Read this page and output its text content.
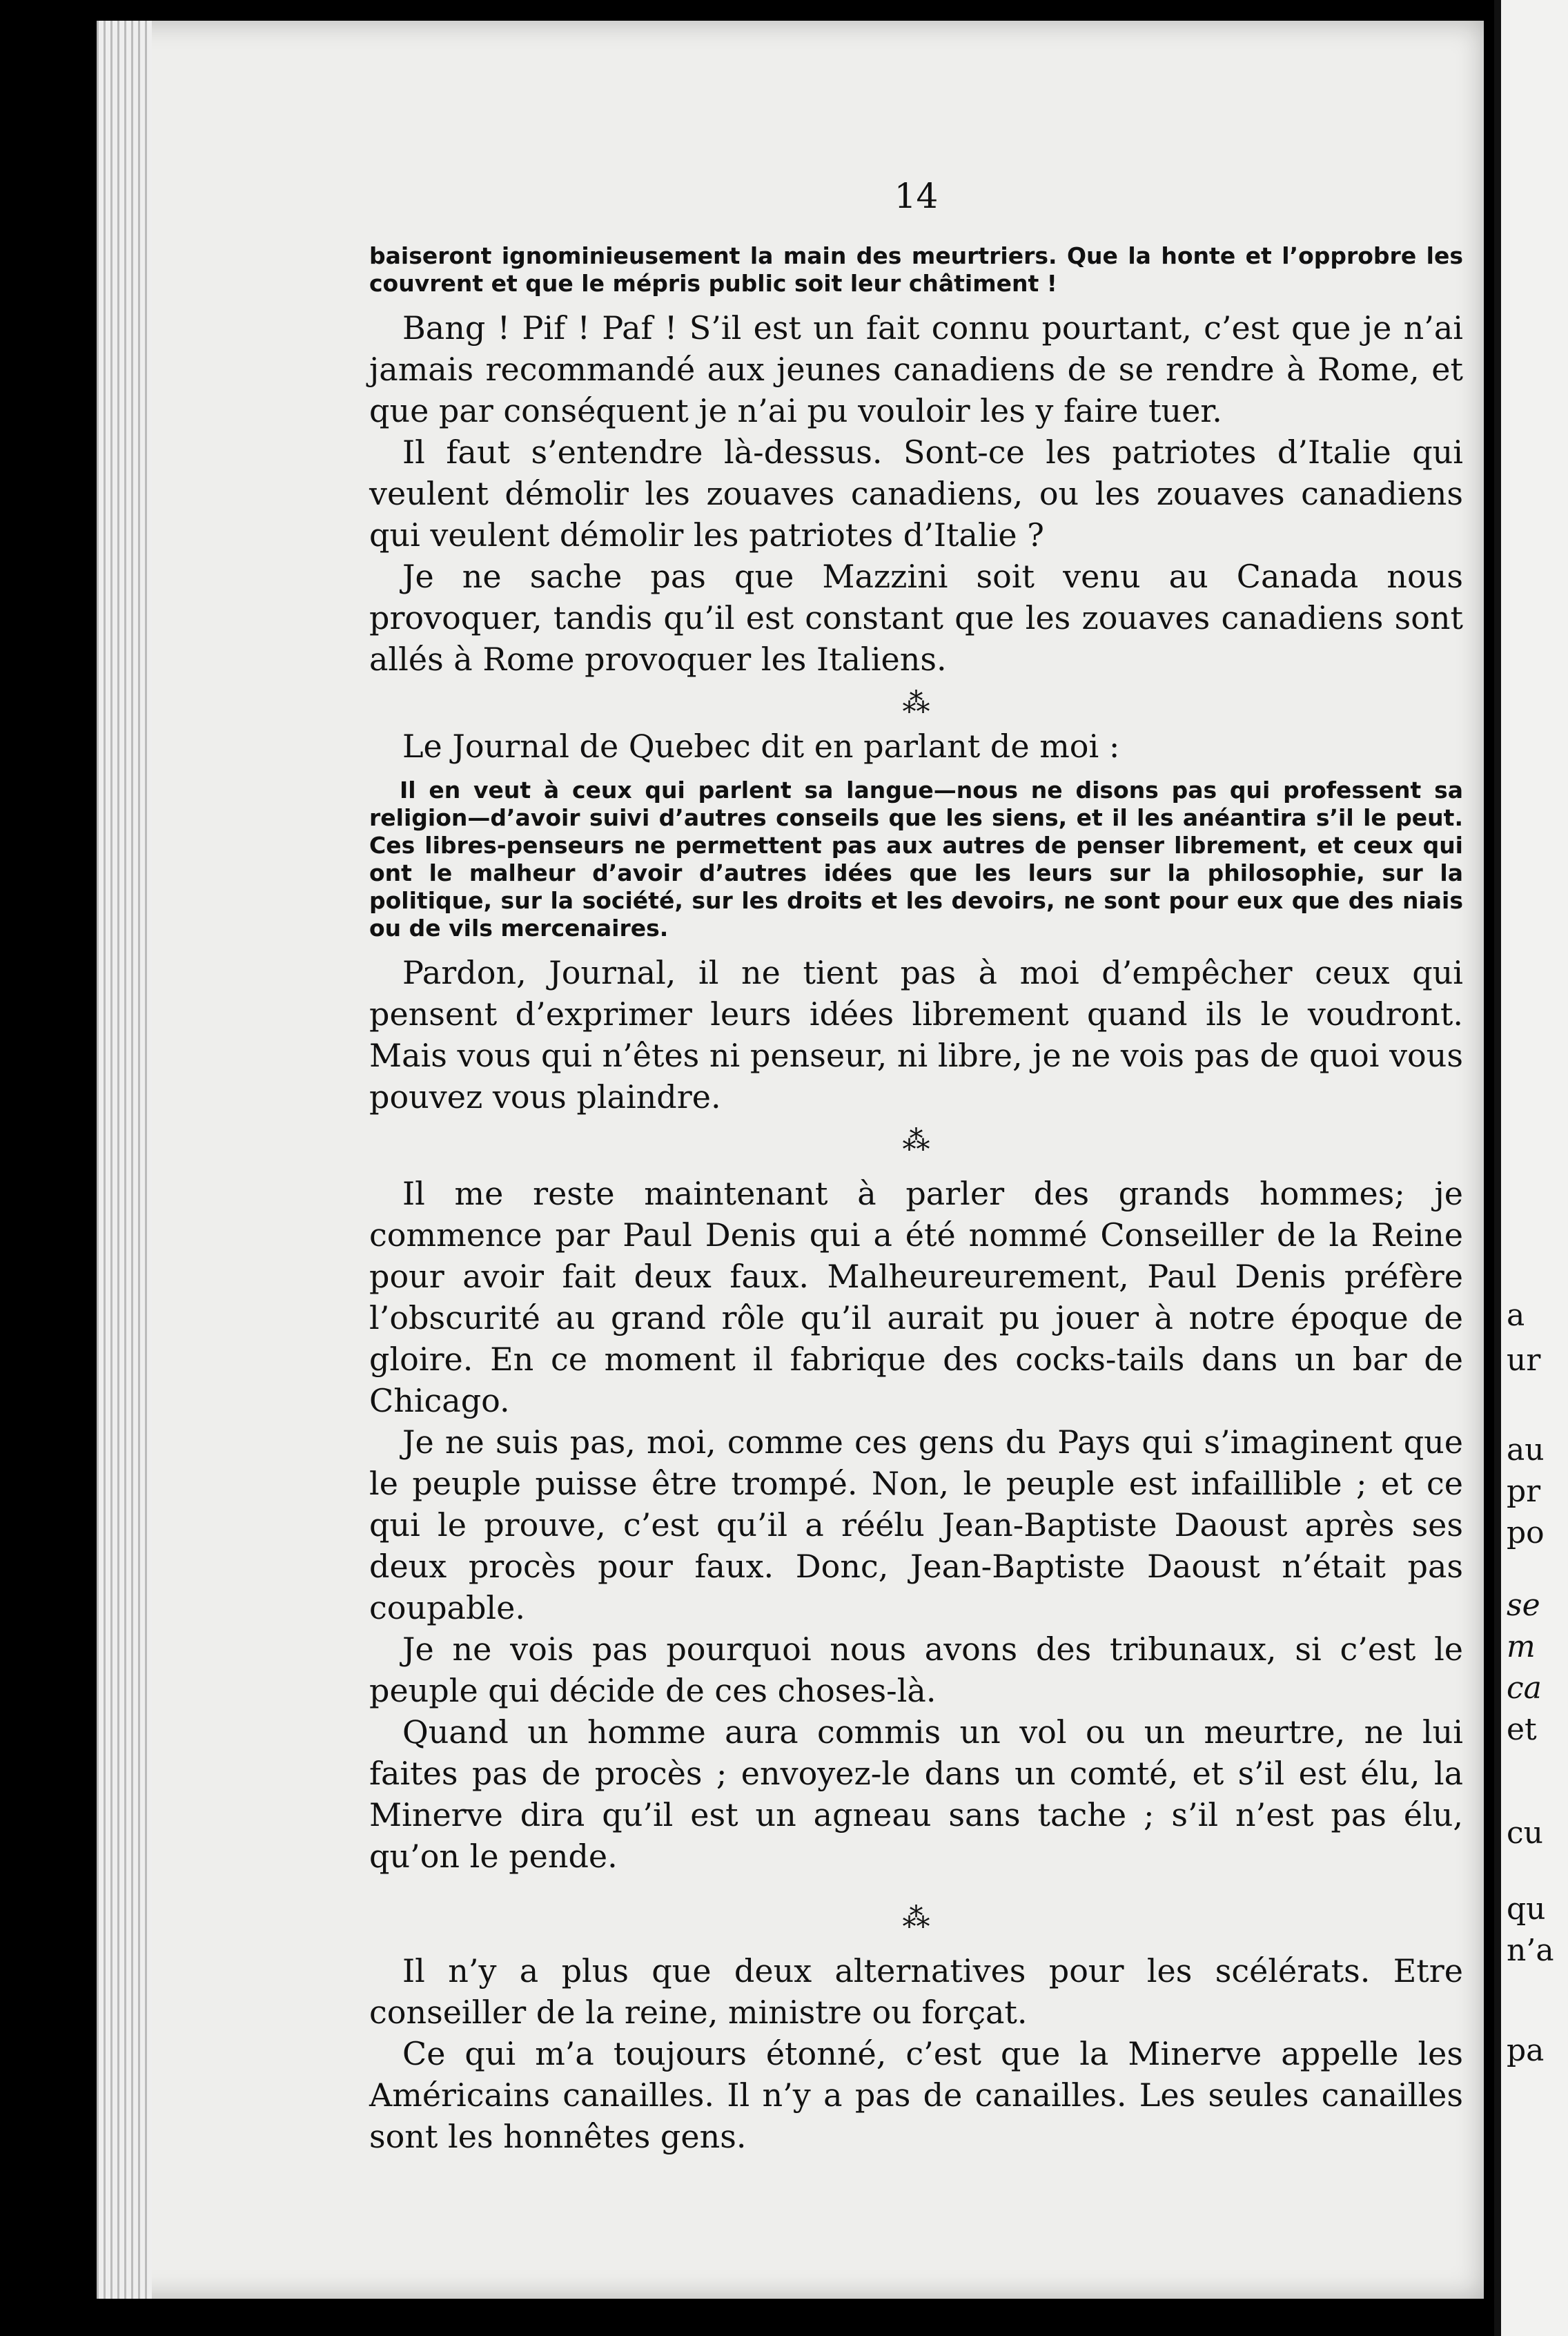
a
ur
au
pr
po
se
m
ca
et
cu
qu
n’a
pa
14

baiseront ignominieusement la main des meurtriers. Que la honte et l’opprobre les couvrent et que le mépris public soit leur châtiment !

Bang ! Pif ! Paf ! S’il est un fait connu pourtant, c’est que je n’ai jamais recommandé aux jeunes canadiens de se rendre à Rome, et que par conséquent je n’ai pu vouloir les y faire tuer.

Il faut s’entendre là-dessus. Sont-ce les patriotes d’Italie qui veulent démolir les zouaves canadiens, ou les zouaves canadiens qui veulent démolir les patriotes d’Italie ?

Je ne sache pas que Mazzini soit venu au Canada nous provoquer, tandis qu’il est constant que les zouaves canadiens sont allés à Rome provoquer les Italiens.

⁂

Le Journal de Quebec dit en parlant de moi :

Il en veut à ceux qui parlent sa langue—nous ne disons pas qui professent sa religion—d’avoir suivi d’autres conseils que les siens, et il les anéantira s’il le peut. Ces libres-penseurs ne permettent pas aux autres de penser librement, et ceux qui ont le malheur d’avoir d’autres idées que les leurs sur la philosophie, sur la politique, sur la société, sur les droits et les devoirs, ne sont pour eux que des niais ou de vils mercenaires.

Pardon, Journal, il ne tient pas à moi d’empêcher ceux qui pensent d’exprimer leurs idées librement quand ils le voudront. Mais vous qui n’êtes ni penseur, ni libre, je ne vois pas de quoi vous pouvez vous plaindre.

⁂

Il me reste maintenant à parler des grands hommes; je commence par Paul Denis qui a été nommé Conseiller de la Reine pour avoir fait deux faux. Malheureurement, Paul Denis préfère l’obscurité au grand rôle qu’il aurait pu jouer à notre époque de gloire. En ce moment il fabrique des cocks-tails dans un bar de Chicago.

Je ne suis pas, moi, comme ces gens du Pays qui s’imaginent que le peuple puisse être trompé. Non, le peuple est infaillible ; et ce qui le prouve, c’est qu’il a réélu Jean-Baptiste Daoust après ses deux procès pour faux. Donc, Jean-Baptiste Daoust n’était pas coupable.

Je ne vois pas pourquoi nous avons des tribunaux, si c’est le peuple qui décide de ces choses-là.

Quand un homme aura commis un vol ou un meurtre, ne lui faites pas de procès ; envoyez-le dans un comté, et s’il est élu, la Minerve dira qu’il est un agneau sans tache ; s’il n’est pas élu, qu’on le pende.

⁂

Il n’y a plus que deux alternatives pour les scélérats. Etre conseiller de la reine, ministre ou forçat.

Ce qui m’a toujours étonné, c’est que la Minerve appelle les Américains canailles. Il n’y a pas de canailles. Les seules canailles sont les honnêtes gens.
